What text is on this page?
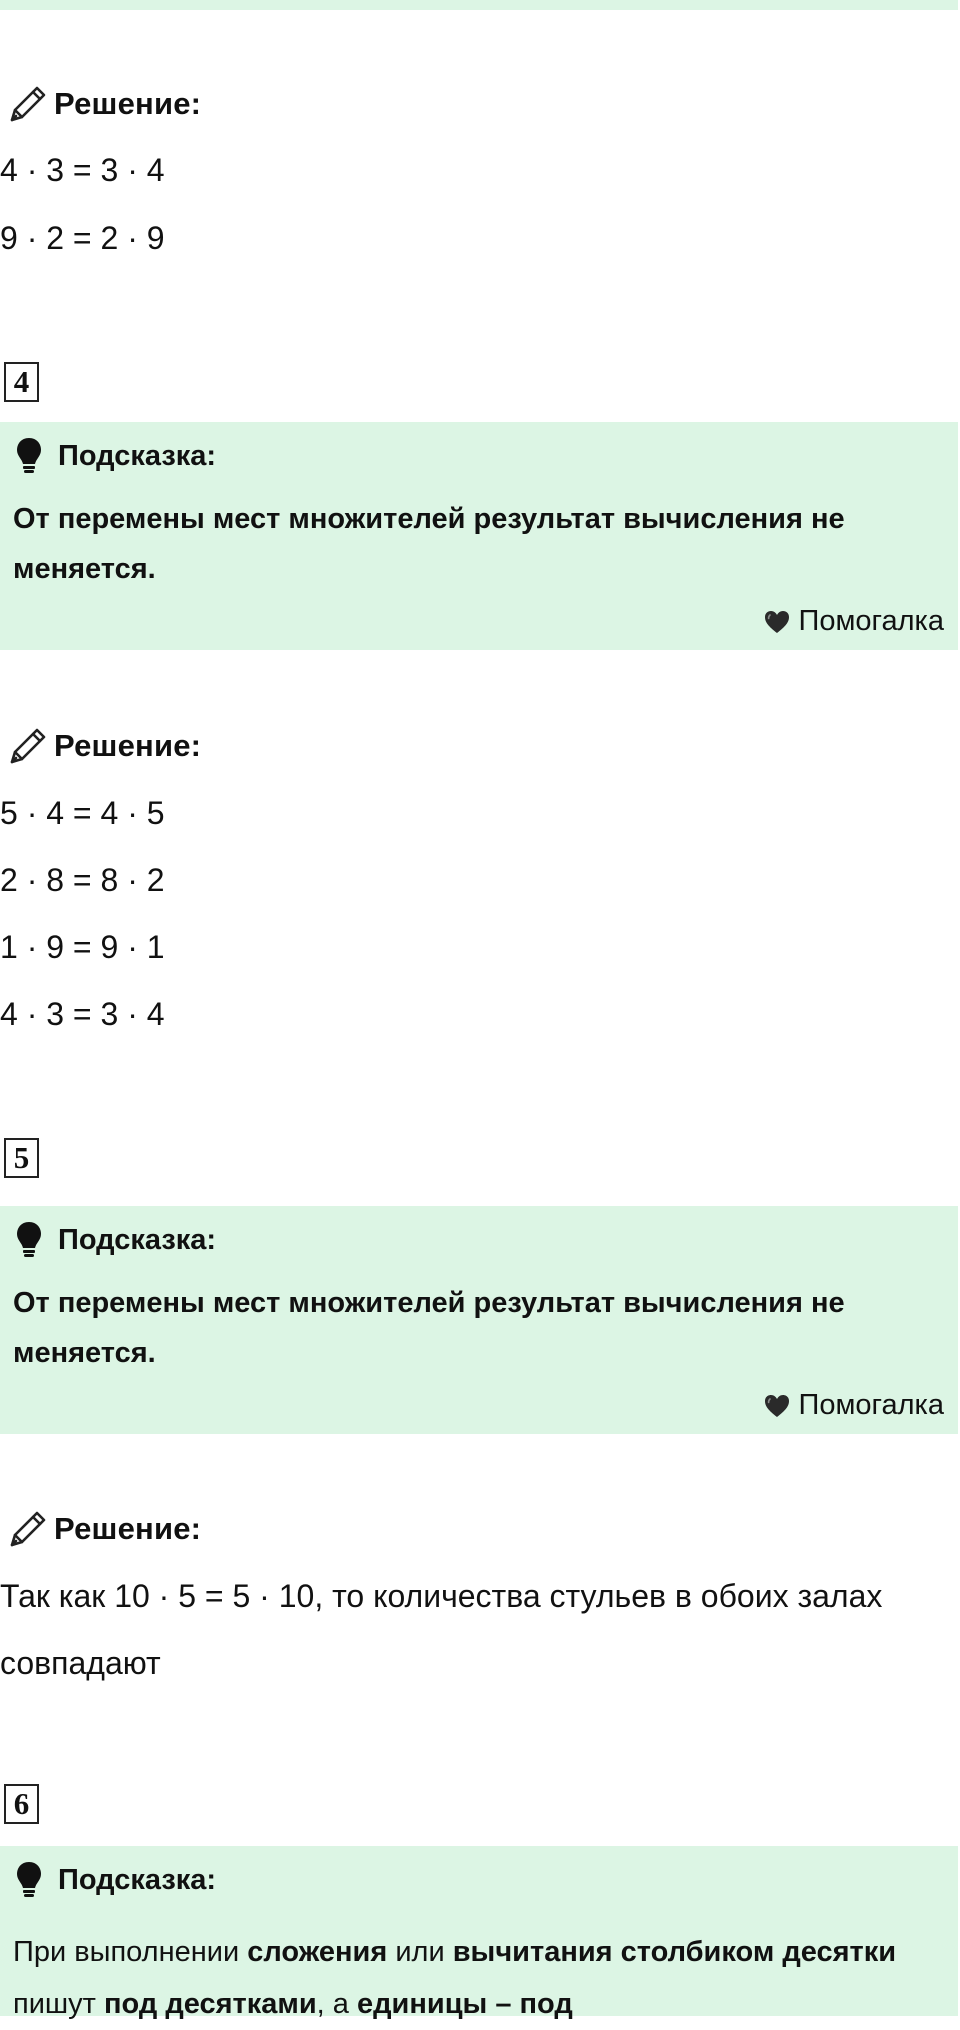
Решение:
4 · 3 = 3 · 4
9 · 2 = 2 · 9
4
Подсказка:
От перемены мест множителей результат вычисления не меняется.
Помогалка
Решение:
5 · 4 = 4 · 5
2 · 8 = 8 · 2
1 · 9 = 9 · 1
4 · 3 = 3 · 4
5
Подсказка:
От перемены мест множителей результат вычисления не меняется.
Помогалка
Решение:
Так как 10 · 5 = 5 · 10, то количества стульев в обоих залах
совпадают
6
Подсказка:
При выполнении сложения или вычитания столбиком десятки пишут под десятками, а единицы – под
